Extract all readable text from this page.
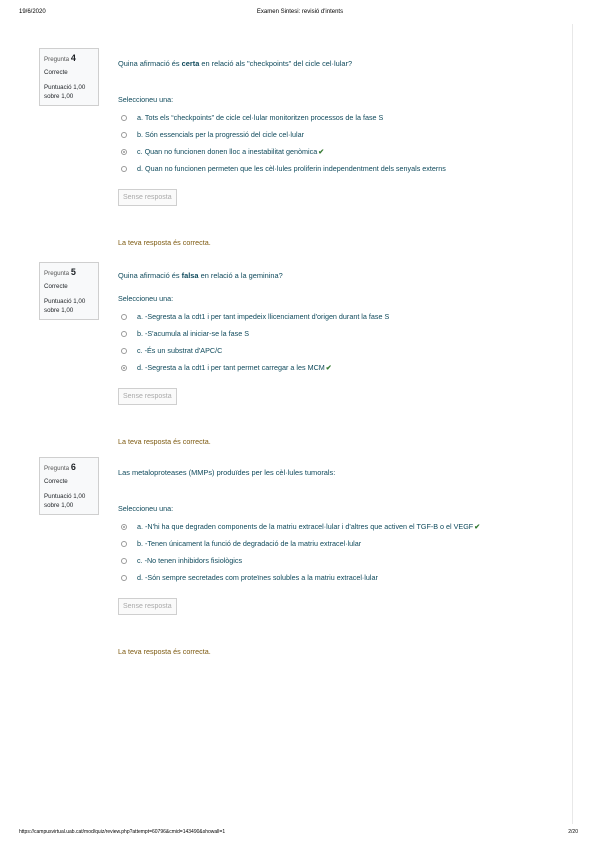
19/6/2020	Examen Sintesi: revisió d'intents
Pregunta 4
Correcte
Puntuació 1,00
sobre 1,00
Quina afirmació és certa en relació als "checkpoints" del cicle cel·lular?
Seleccioneu una:
a. Tots els “checkpoints” de cicle cel·lular monitoritzen processos de la fase S
b. Són essencials per la progressió del cicle cel·lular
c. Quan no funcionen donen lloc a inestabilitat genòmica ✔
d. Quan no funcionen permeten que les cèl·lules proliferin independentment dels senyals externs
Sense resposta
La teva resposta és correcta.
Pregunta 5
Correcte
Puntuació 1,00
sobre 1,00
Quina afirmació és falsa en relació a la geminina?
Seleccioneu una:
a. -Segresta a la cdt1 i per tant impedeix llicenciament d'origen durant la fase S
b. -S'acumula al iniciar-se la fase S
c. -És un substrat d'APC/C
d. -Segresta a la cdt1 i per tant permet carregar a les MCM ✔
Sense resposta
La teva resposta és correcta.
Pregunta 6
Correcte
Puntuació 1,00
sobre 1,00
Las metaloproteases (MMPs) produïdes per les cèl·lules tumorals:
Seleccioneu una:
a. -N'hi ha que degraden components de la matriu extracel·lular i d'altres que activen el TGF-B o el VEGF ✔
b. -Tenen únicament la funció de degradació de la matriu extracel·lular
c. -No tenen inhibidors fisiològics
d. -Són sempre secretades com proteïnes solubles a la matriu extracel·lular
Sense resposta
La teva resposta és correcta.
https://campusvirtual.uab.cat/mod/quiz/review.php?attempt=60796&cmid=143490&showall=1	2/20
